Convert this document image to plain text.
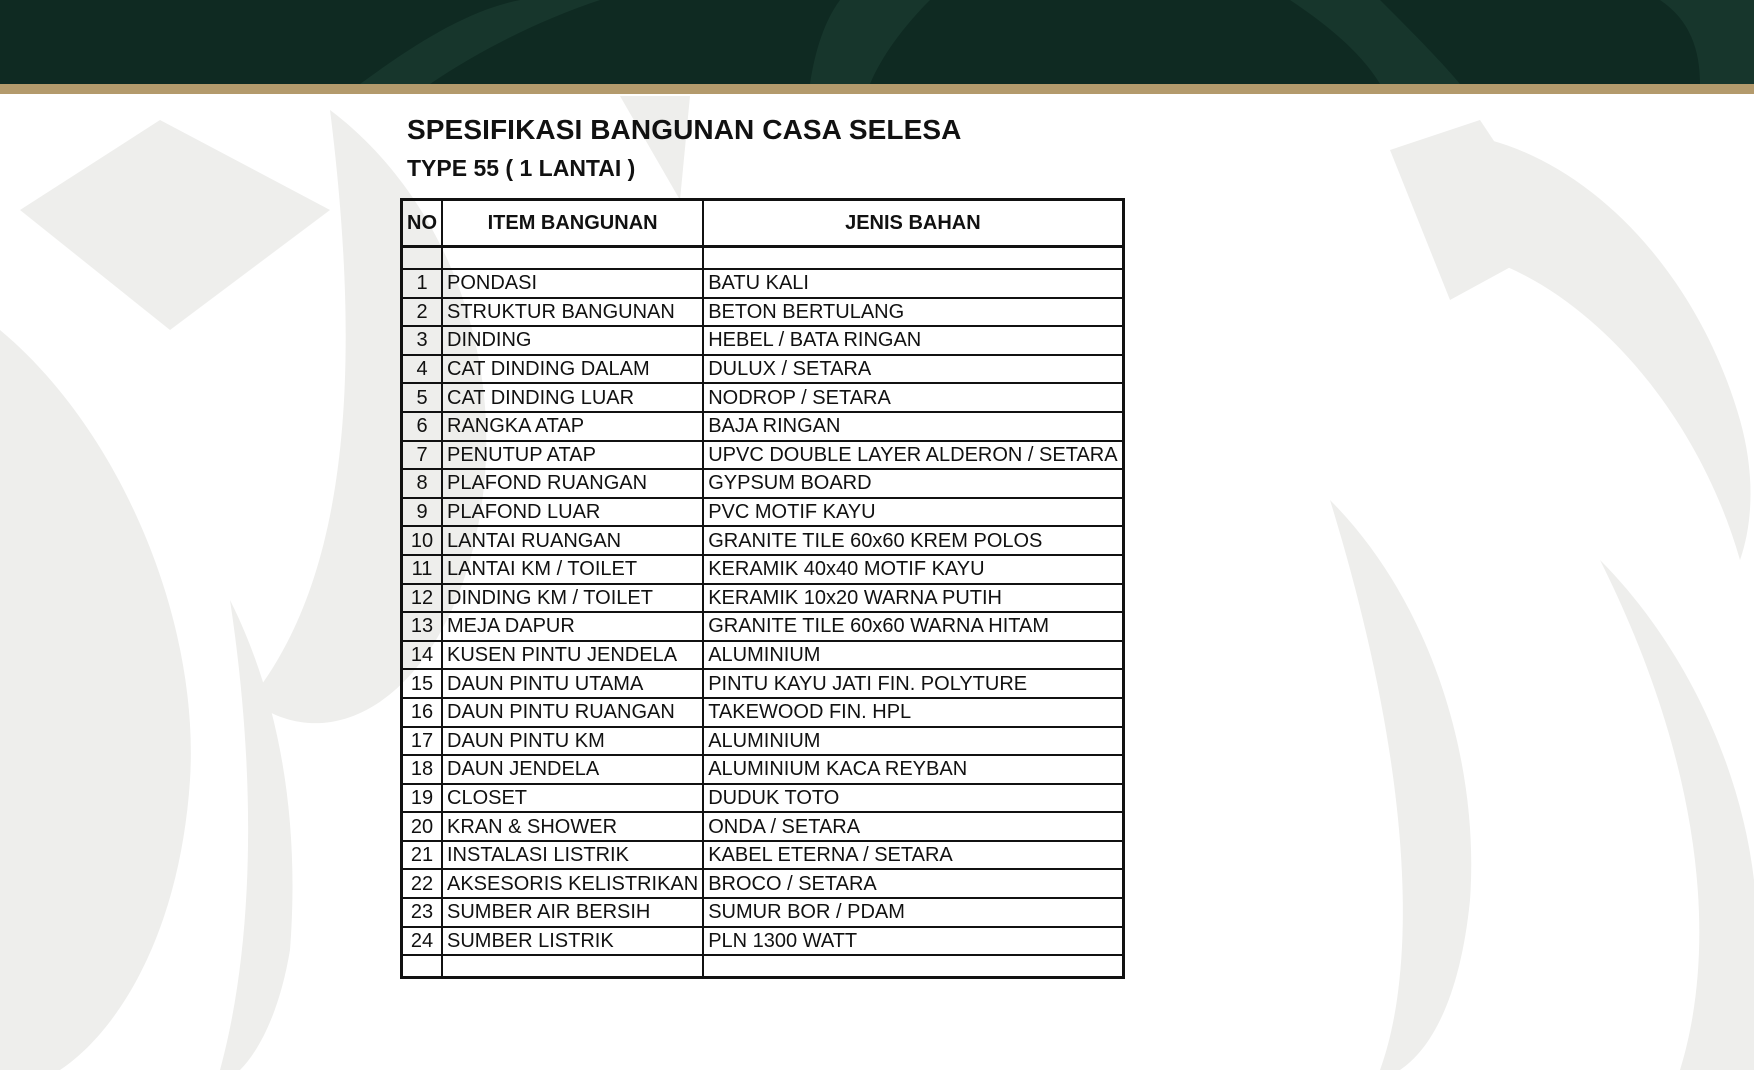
SPESIFIKASI BANGUNAN CASA SELESA
TYPE 55 ( 1 LANTAI )
NO	ITEM BANGUNAN	JENIS BAHAN

1	PONDASI	BATU KALI
2	STRUKTUR BANGUNAN	BETON BERTULANG
3	DINDING	HEBEL / BATA RINGAN
4	CAT DINDING DALAM	DULUX / SETARA
5	CAT DINDING LUAR	NODROP / SETARA
6	RANGKA ATAP	BAJA RINGAN
7	PENUTUP ATAP	UPVC DOUBLE LAYER ALDERON / SETARA
8	PLAFOND RUANGAN	GYPSUM BOARD
9	PLAFOND LUAR	PVC MOTIF KAYU
10	LANTAI RUANGAN	GRANITE TILE 60x60 KREM POLOS
11	LANTAI KM / TOILET	KERAMIK 40x40 MOTIF KAYU
12	DINDING KM / TOILET	KERAMIK 10x20 WARNA PUTIH
13	MEJA DAPUR	GRANITE TILE 60x60 WARNA HITAM
14	KUSEN PINTU JENDELA	ALUMINIUM
15	DAUN PINTU UTAMA	PINTU KAYU JATI FIN. POLYTURE
16	DAUN PINTU RUANGAN	TAKEWOOD FIN. HPL
17	DAUN PINTU KM	ALUMINIUM
18	DAUN JENDELA	ALUMINIUM KACA REYBAN
19	CLOSET	DUDUK TOTO
20	KRAN & SHOWER	ONDA / SETARA
21	INSTALASI LISTRIK	KABEL ETERNA / SETARA
22	AKSESORIS KELISTRIKAN	BROCO / SETARA
23	SUMBER AIR BERSIH	SUMUR BOR / PDAM
24	SUMBER LISTRIK	PLN 1300 WATT
